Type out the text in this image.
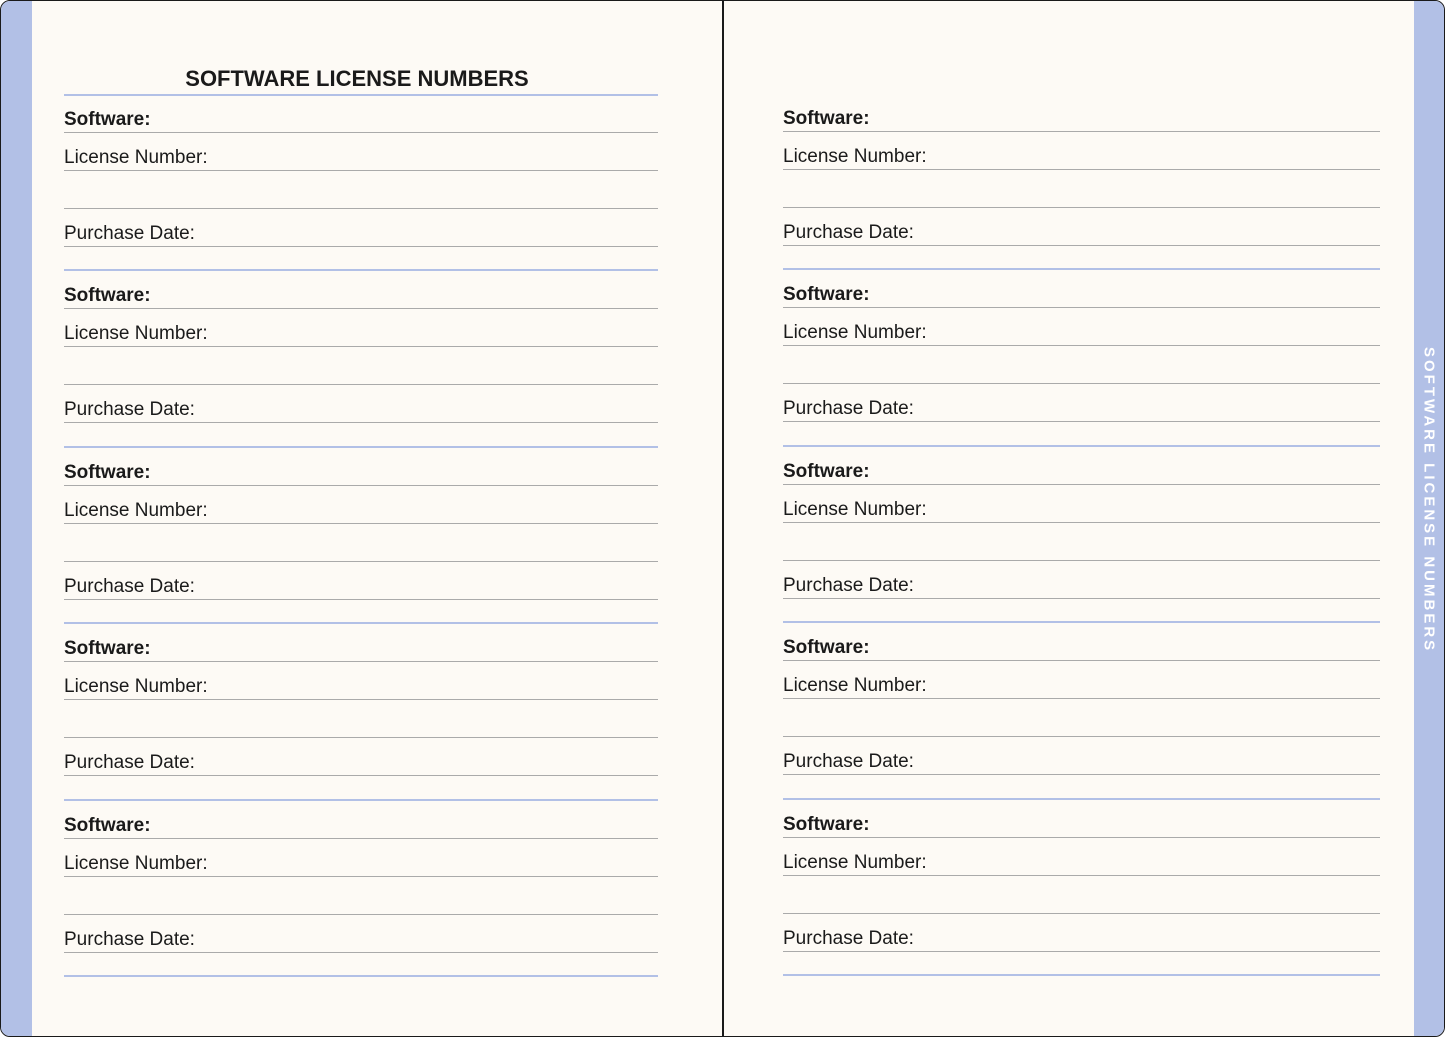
SOFTWARE LICENSE NUMBERS
SOFTWARE LICENSE NUMBERS
Software:
License Number:
Purchase Date:
Software:
License Number:
Purchase Date:
Software:
License Number:
Purchase Date:
Software:
License Number:
Purchase Date:
Software:
License Number:
Purchase Date:
Software:
License Number:
Purchase Date:
Software:
License Number:
Purchase Date:
Software:
License Number:
Purchase Date:
Software:
License Number:
Purchase Date:
Software:
License Number:
Purchase Date:
